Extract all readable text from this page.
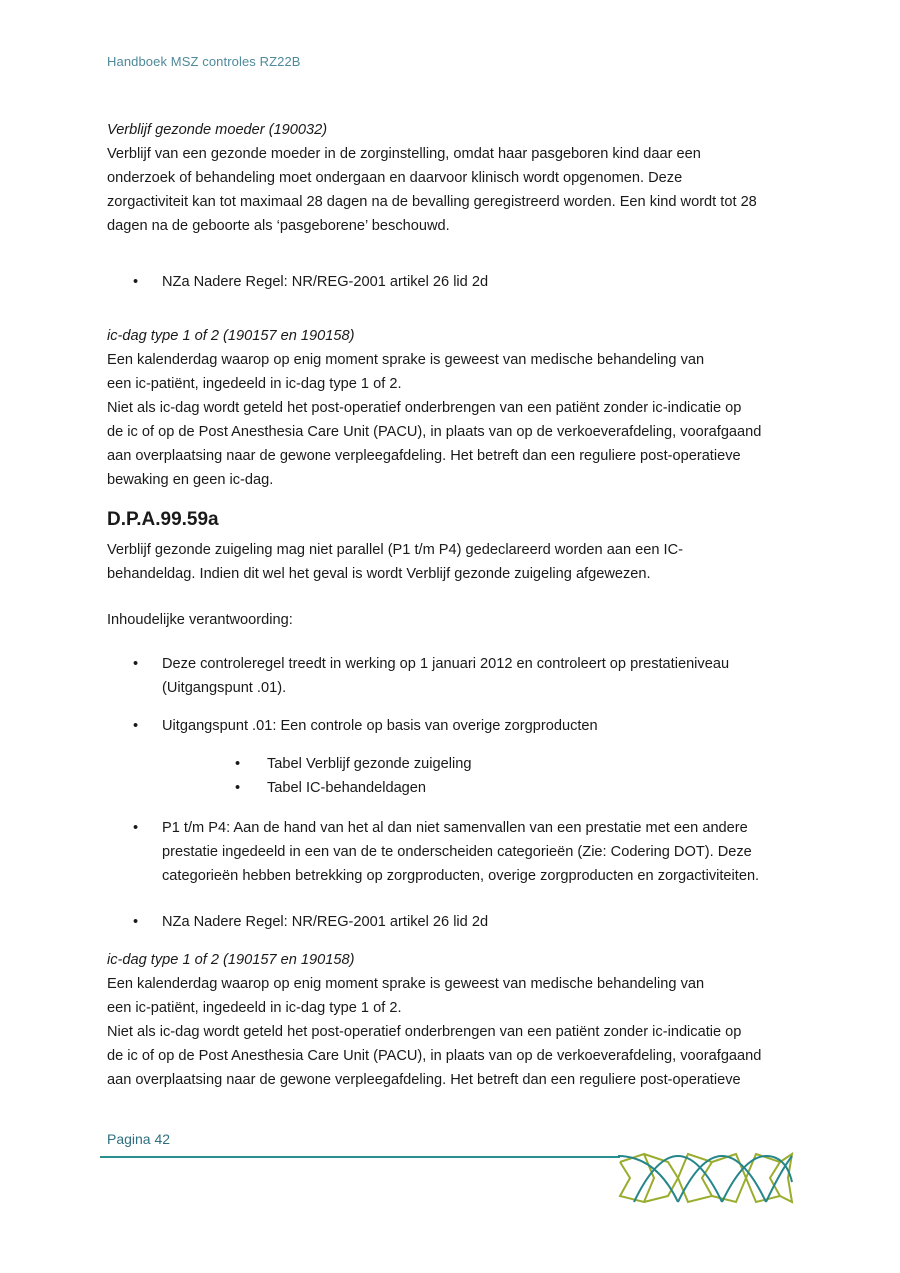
Handboek MSZ controles RZ22B

Verblijf gezonde moeder (190032)

Verblijf van een gezonde moeder in de zorginstelling, omdat haar pasgeboren kind daar een

onderzoek of behandeling moet ondergaan en daarvoor klinisch wordt opgenomen. Deze

zorgactiviteit kan tot maximaal 28 dagen na de bevalling geregistreerd worden. Een kind wordt tot 28

dagen na de geboorte als ‘pasgeborene’ beschouwd.

• NZa Nadere Regel: NR/REG-2001 artikel 26 lid 2d

ic-dag type 1 of 2 (190157 en 190158)

Een kalenderdag waarop op enig moment sprake is geweest van medische behandeling van

een ic-patiënt, ingedeeld in ic-dag type 1 of 2.

Niet als ic-dag wordt geteld het post-operatief onderbrengen van een patiënt zonder ic-indicatie op

de ic of op de Post Anesthesia Care Unit (PACU), in plaats van op de verkoeverafdeling, voorafgaand

aan overplaatsing naar de gewone verpleegafdeling. Het betreft dan een reguliere post-operatieve

bewaking en geen ic-dag.

D.P.A.99.59a

Verblijf gezonde zuigeling mag niet parallel (P1 t/m P4) gedeclareerd worden aan een IC-

behandeldag. Indien dit wel het geval is wordt Verblijf gezonde zuigeling afgewezen.

Inhoudelijke verantwoording:

• Deze controleregel treedt in werking op 1 januari 2012 en controleert op prestatieniveau
(Uitgangspunt .01).
• Uitgangspunt .01: Een controle op basis van overige zorgproducten
• Tabel Verblijf gezonde zuigeling
• Tabel IC-behandeldagen
• P1 t/m P4: Aan de hand van het al dan niet samenvallen van een prestatie met een andere
prestatie ingedeeld in een van de te onderscheiden categorieën (Zie: Codering DOT). Deze
categorieën hebben betrekking op zorgproducten, overige zorgproducten en zorgactiviteiten.
• NZa Nadere Regel: NR/REG-2001 artikel 26 lid 2d

ic-dag type 1 of 2 (190157 en 190158)

Een kalenderdag waarop op enig moment sprake is geweest van medische behandeling van

een ic-patiënt, ingedeeld in ic-dag type 1 of 2.

Niet als ic-dag wordt geteld het post-operatief onderbrengen van een patiënt zonder ic-indicatie op

de ic of op de Post Anesthesia Care Unit (PACU), in plaats van op de verkoeverafdeling, voorafgaand

aan overplaatsing naar de gewone verpleegafdeling. Het betreft dan een reguliere post-operatieve

Pagina 42
